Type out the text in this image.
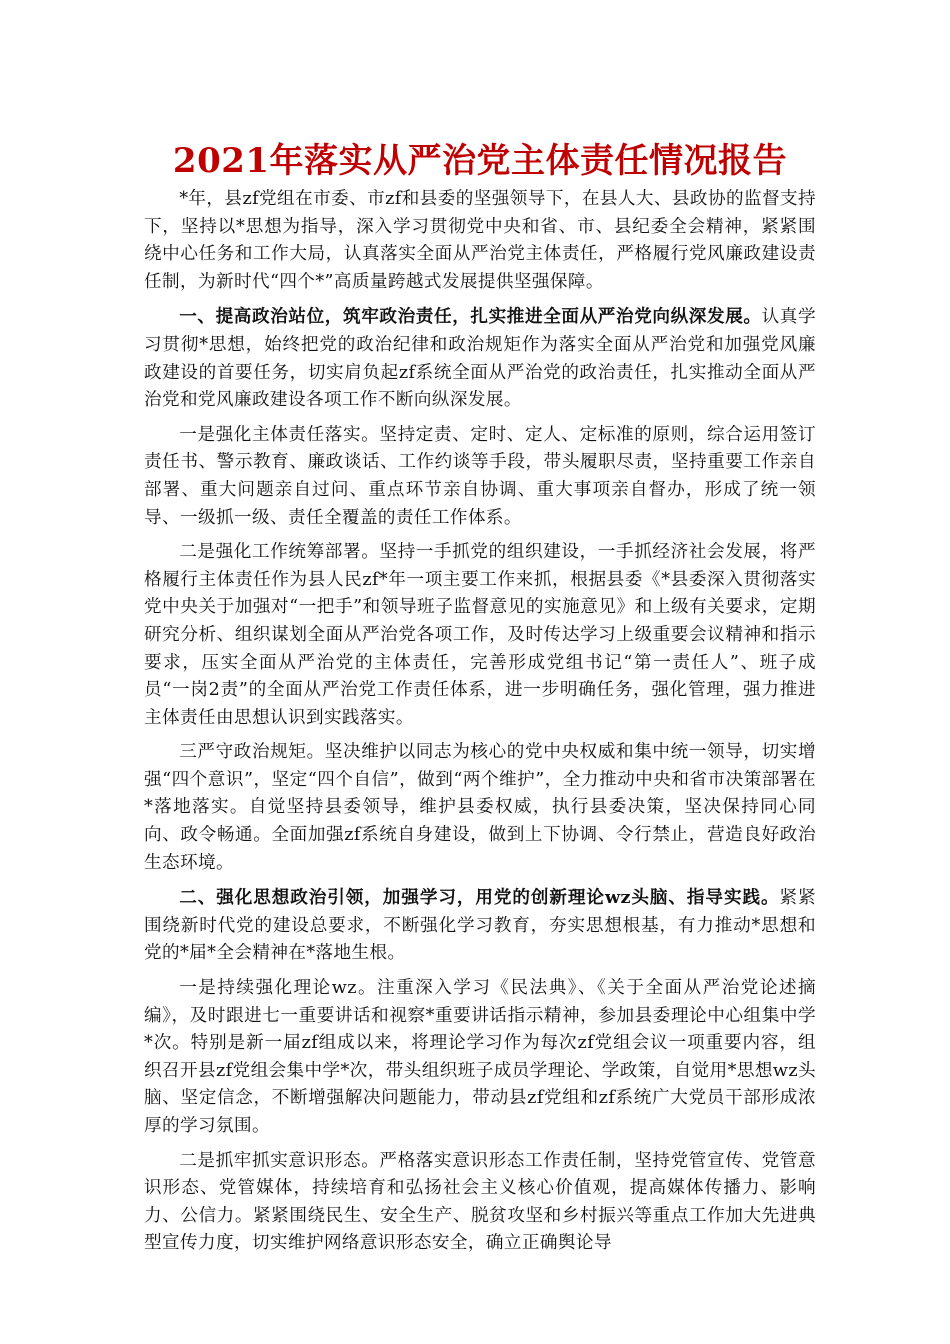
2021年落实从严治党主体责任情况报告

*年，县zf党组在市委、市zf和县委的坚强领导下，在县人大、县政协的监督支持下，坚持以*思想为指导，深入学习贯彻党中央和省、市、县纪委全会精神，紧紧围绕中心任务和工作大局，认真落实全面从严治党主体责任，严格履行党风廉政建设责任制，为新时代“四个*”高质量跨越式发展提供坚强保障。

一、提高政治站位，筑牢政治责任，扎实推进全面从严治党向纵深发展。认真学习贯彻*思想，始终把党的政治纪律和政治规矩作为落实全面从严治党和加强党风廉政建设的首要任务，切实肩负起zf系统全面从严治党的政治责任，扎实推动全面从严治党和党风廉政建设各项工作不断向纵深发展。

一是强化主体责任落实。坚持定责、定时、定人、定标准的原则，综合运用签订责任书、警示教育、廉政谈话、工作约谈等手段，带头履职尽责，坚持重要工作亲自部署、重大问题亲自过问、重点环节亲自协调、重大事项亲自督办，形成了统一领导、一级抓一级、责任全覆盖的责任工作体系。

二是强化工作统筹部署。坚持一手抓党的组织建设，一手抓经济社会发展，将严格履行主体责任作为县人民zf*年一项主要工作来抓，根据县委《*县委深入贯彻落实党中央关于加强对“一把手”和领导班子监督意见的实施意见》和上级有关要求，定期研究分析、组织谋划全面从严治党各项工作，及时传达学习上级重要会议精神和指示要求，压实全面从严治党的主体责任，完善形成党组书记“第一责任人”、班子成员“一岗2责”的全面从严治党工作责任体系，进一步明确任务，强化管理，强力推进主体责任由思想认识到实践落实。

三严守政治规矩。坚决维护以同志为核心的党中央权威和集中统一领导，切实增强“四个意识”，坚定“四个自信”，做到“两个维护”，全力推动中央和省市决策部署在*落地落实。自觉坚持县委领导，维护县委权威，执行县委决策，坚决保持同心同向、政令畅通。全面加强zf系统自身建设，做到上下协调、令行禁止，营造良好政治生态环境。

二、强化思想政治引领，加强学习，用党的创新理论wz头脑、指导实践。紧紧围绕新时代党的建设总要求，不断强化学习教育，夯实思想根基，有力推动*思想和党的*届*全会精神在*落地生根。

一是持续强化理论wz。注重深入学习《民法典》、《关于全面从严治党论述摘编》，及时跟进七一重要讲话和视察*重要讲话指示精神，参加县委理论中心组集中学*次。特别是新一届zf组成以来，将理论学习作为每次zf党组会议一项重要内容，组织召开县zf党组会集中学*次，带头组织班子成员学理论、学政策，自觉用*思想wz头脑、坚定信念，不断增强解决问题能力，带动县zf党组和zf系统广大党员干部形成浓厚的学习氛围。

二是抓牢抓实意识形态。严格落实意识形态工作责任制，坚持党管宣传、党管意识形态、党管媒体，持续培育和弘扬社会主义核心价值观，提高媒体传播力、影响力、公信力。紧紧围绕民生、安全生产、脱贫攻坚和乡村振兴等重点工作加大先进典型宣传力度，切实维护网络意识形态安全，确立正确舆论导
